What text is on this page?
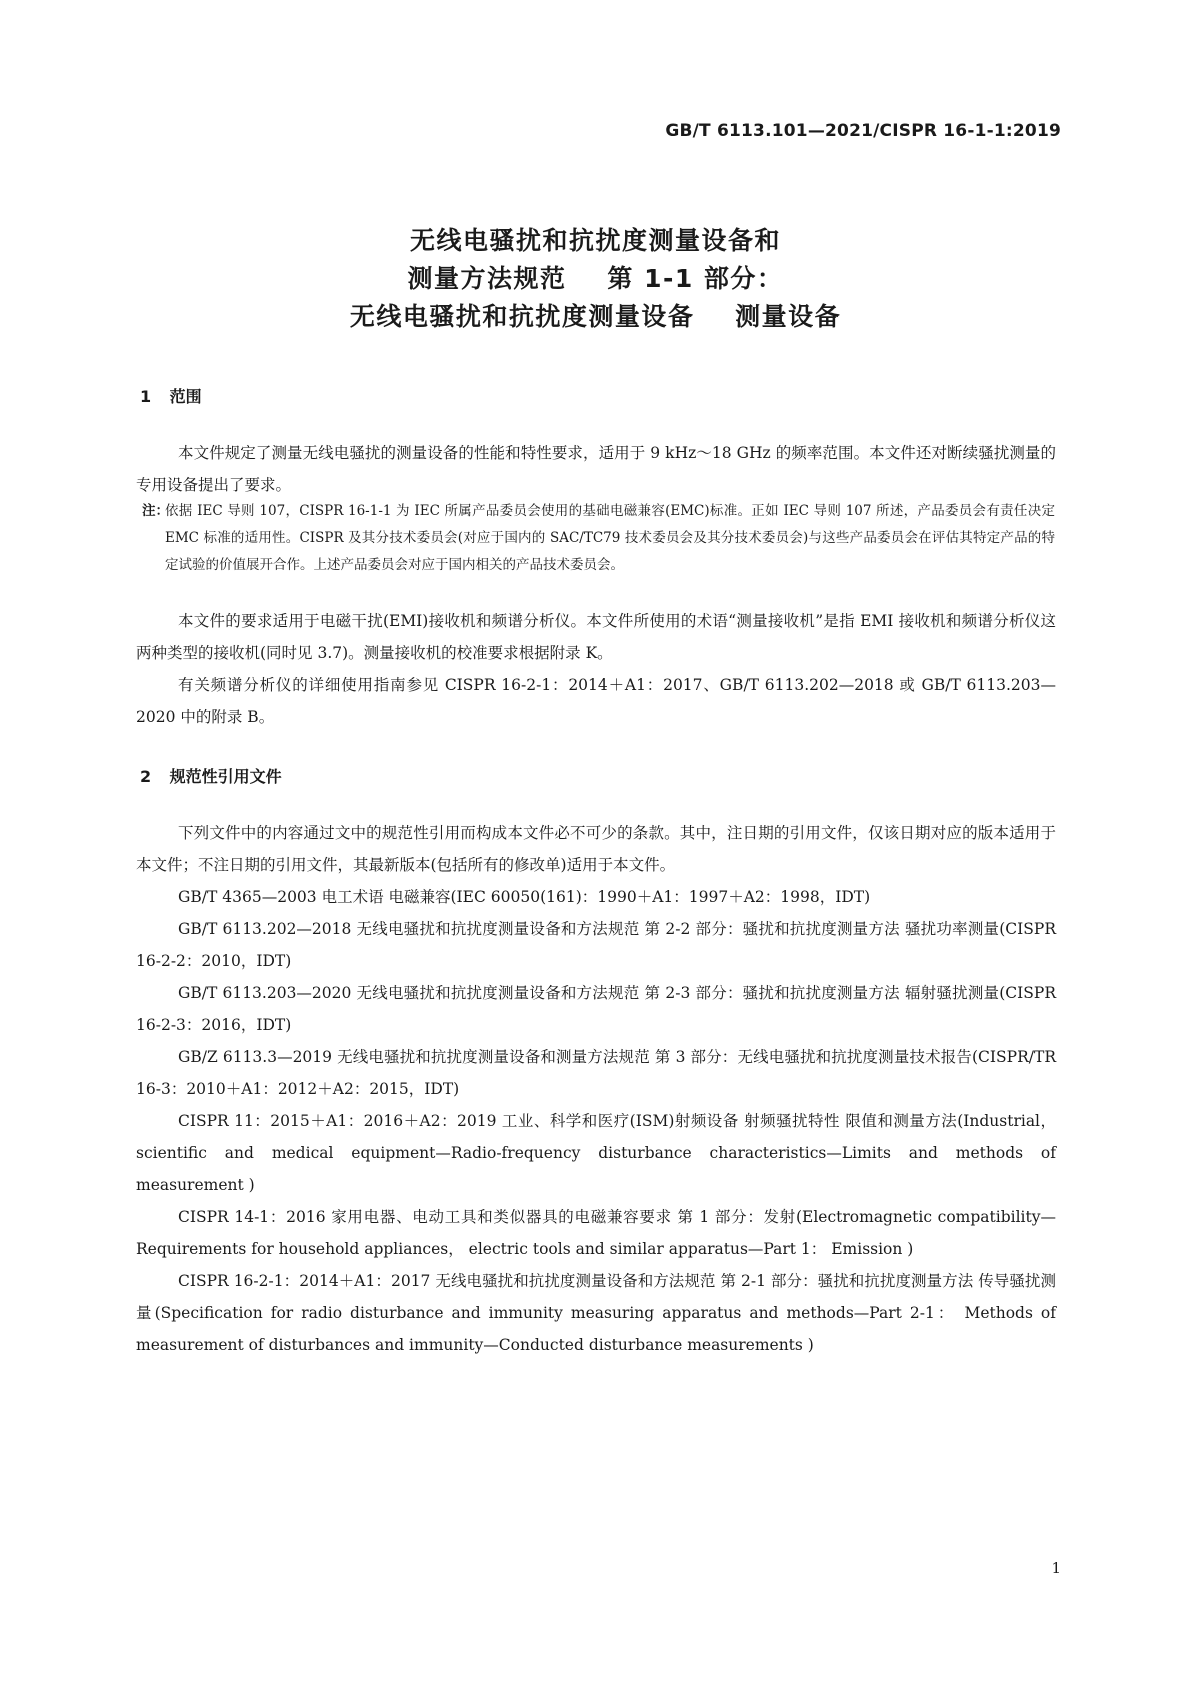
GB/T 6113.101—2021/CISPR 16-1-1:2019
无线电骚扰和抗扰度测量设备和
测量方法规范    第 1-1 部分：
无线电骚扰和抗扰度测量设备    测量设备
1 范围

本文件规定了测量无线电骚扰的测量设备的性能和特性要求，适用于 9 kHz～18 GHz 的频率范围。本文件还对断续骚扰测量的专用设备提出了要求。

注：
依据 IEC 导则 107，CISPR 16-1-1 为 IEC 所属产品委员会使用的基础电磁兼容(EMC)标准。正如 IEC 导则 107 所述，产品委员会有责任决定 EMC 标准的适用性。CISPR 及其分技术委员会(对应于国内的 SAC/TC79 技术委员会及其分技术委员会)与这些产品委员会在评估其特定产品的特定试验的价值展开合作。上述产品委员会对应于国内相关的产品技术委员会。

本文件的要求适用于电磁干扰(EMI)接收机和频谱分析仪。本文件所使用的术语“测量接收机”是指 EMI 接收机和频谱分析仪这两种类型的接收机(同时见 3.7)。测量接收机的校准要求根据附录 K。

有关频谱分析仪的详细使用指南参见 CISPR 16-2-1：2014＋A1：2017、GB/T 6113.202—2018 或 GB/T 6113.203—2020 中的附录 B。

2 规范性引用文件

下列文件中的内容通过文中的规范性引用而构成本文件必不可少的条款。其中，注日期的引用文件，仅该日期对应的版本适用于本文件；不注日期的引用文件，其最新版本(包括所有的修改单)适用于本文件。

GB/T 4365—2003 电工术语 电磁兼容(IEC 60050(161)：1990＋A1：1997＋A2：1998，IDT)

GB/T 6113.202—2018 无线电骚扰和抗扰度测量设备和方法规范 第 2-2 部分：骚扰和抗扰度测量方法 骚扰功率测量(CISPR 16-2-2：2010，IDT)

GB/T 6113.203—2020 无线电骚扰和抗扰度测量设备和方法规范 第 2-3 部分：骚扰和抗扰度测量方法 辐射骚扰测量(CISPR 16-2-3：2016，IDT)

GB/Z 6113.3—2019 无线电骚扰和抗扰度测量设备和测量方法规范 第 3 部分：无线电骚扰和抗扰度测量技术报告(CISPR/TR 16-3：2010＋A1：2012＋A2：2015，IDT)

CISPR 11：2015＋A1：2016＋A2：2019 工业、科学和医疗(ISM)射频设备 射频骚扰特性 限值和测量方法(Industrial， scientific and medical equipment—Radio-frequency disturbance characteristics—Limits and methods of measurement )

CISPR 14-1：2016 家用电器、电动工具和类似器具的电磁兼容要求 第 1 部分：发射(Electromagnetic compatibility—Requirements for household appliances， electric tools and similar apparatus—Part 1： Emission )

CISPR 16-2-1：2014＋A1：2017 无线电骚扰和抗扰度测量设备和方法规范 第 2-1 部分：骚扰和抗扰度测量方法 传导骚扰测量(Specification for radio disturbance and immunity measuring apparatus and methods—Part 2-1： Methods of measurement of disturbances and immunity—Conducted disturbance measurements )

1
